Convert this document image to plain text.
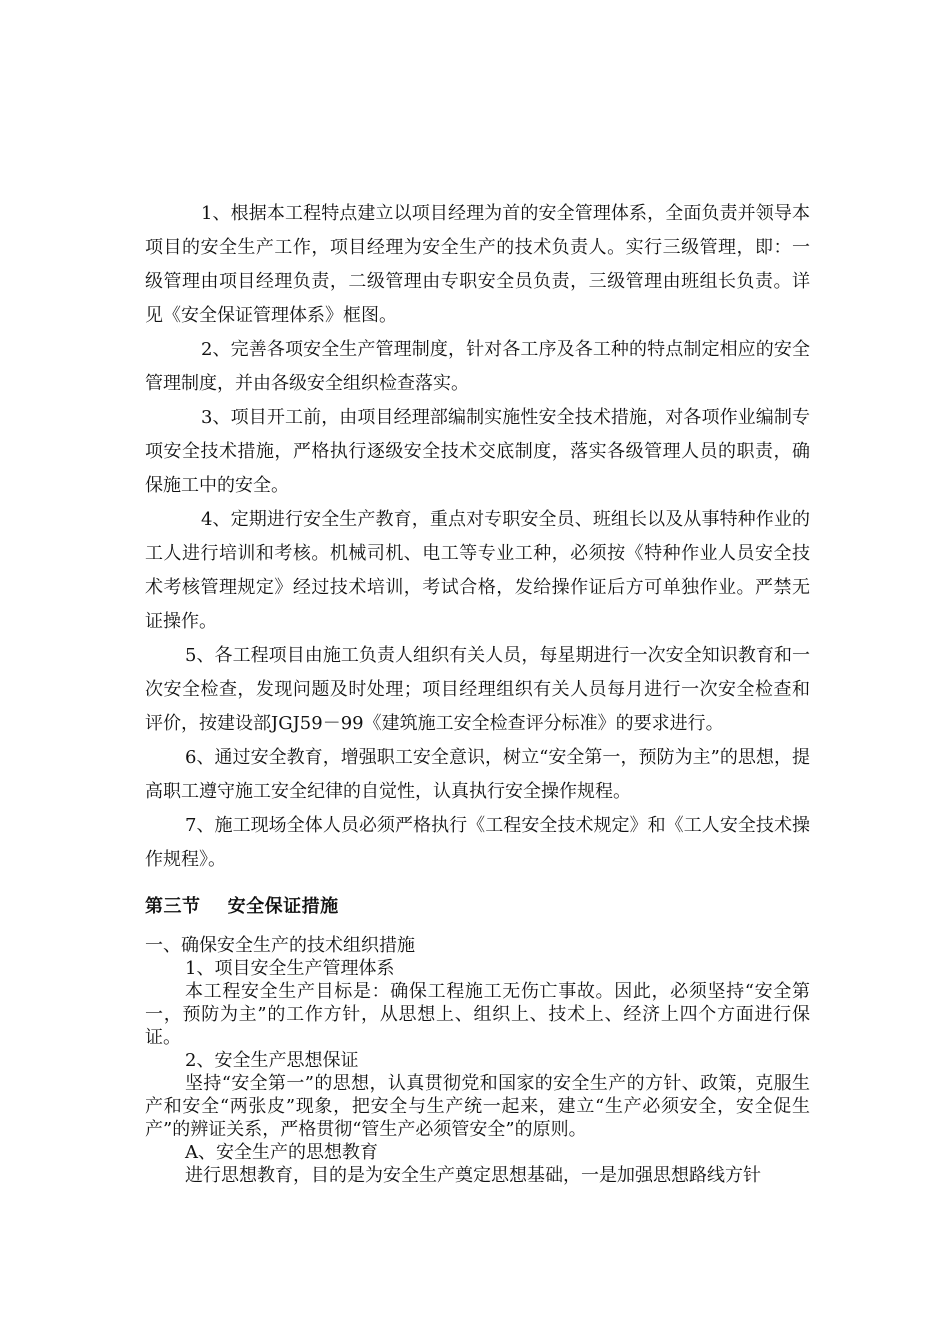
1、根据本工程特点建立以项目经理为首的安全管理体系，全面负责并领导本项目的安全生产工作，项目经理为安全生产的技术负责人。实行三级管理，即：一级管理由项目经理负责，二级管理由专职安全员负责，三级管理由班组长负责。详见《安全保证管理体系》框图。

2、完善各项安全生产管理制度，针对各工序及各工种的特点制定相应的安全管理制度，并由各级安全组织检查落实。

3、项目开工前，由项目经理部编制实施性安全技术措施，对各项作业编制专项安全技术措施，严格执行逐级安全技术交底制度，落实各级管理人员的职责，确保施工中的安全。

4、定期进行安全生产教育，重点对专职安全员、班组长以及从事特种作业的工人进行培训和考核。机械司机、电工等专业工种，必须按《特种作业人员安全技术考核管理规定》经过技术培训，考试合格，发给操作证后方可单独作业。严禁无证操作。

5、各工程项目由施工负责人组织有关人员，每星期进行一次安全知识教育和一次安全检查，发现问题及时处理；项目经理组织有关人员每月进行一次安全检查和评价，按建设部JGJ59－99《建筑施工安全检查评分标准》的要求进行。

6、通过安全教育，增强职工安全意识，树立“安全第一，预防为主”的思想，提高职工遵守施工安全纪律的自觉性，认真执行安全操作规程。

7、施工现场全体人员必须严格执行《工程安全技术规定》和《工人安全技术操作规程》。

第三节    安全保证措施

一、确保安全生产的技术组织措施

1、项目安全生产管理体系

本工程安全生产目标是：确保工程施工无伤亡事故。因此，必须坚持“安全第一，预防为主”的工作方针，从思想上、组织上、技术上、经济上四个方面进行保证。

2、安全生产思想保证

坚持“安全第一”的思想，认真贯彻党和国家的安全生产的方针、政策，克服生产和安全“两张皮”现象，把安全与生产统一起来，建立“生产必须安全，安全促生产”的辨证关系，严格贯彻“管生产必须管安全”的原则。

A、安全生产的思想教育

进行思想教育，目的是为安全生产奠定思想基础，一是加强思想路线方针
